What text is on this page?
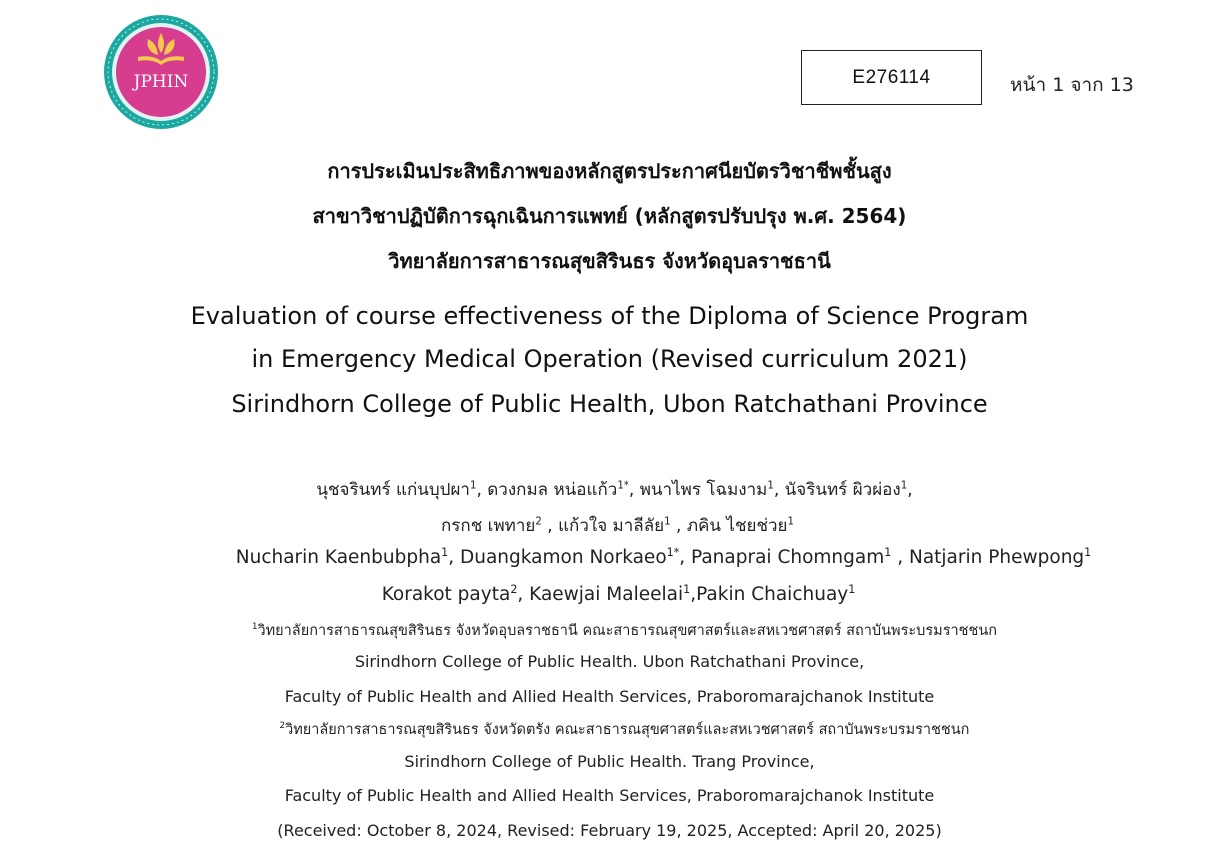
JPHIN	E276114	หน้า 1 จาก 13
การประเมินประสิทธิภาพของหลักสูตรประกาศนียบัตรวิชาชีพชั้นสูง
สาขาวิชาปฏิบัติการฉุกเฉินการแพทย์ (หลักสูตรปรับปรุง พ.ศ. 2564)
วิทยาลัยการสาธารณสุขสิรินธร จังหวัดอุบลราชธานี
Evaluation of course effectiveness of the Diploma of Science Program
in Emergency Medical Operation (Revised curriculum 2021)
Sirindhorn College of Public Health, Ubon Ratchathani Province
นุชจรินทร์ แก่นบุปผา$^1$, ดวงกมล หน่อแก้ว$^{1*}$, พนาไพร โฉมงาม$^1$, นัจรินทร์ ผิวผ่อง$^1$,
กรกช เพทาย$^2$ , แก้วใจ มาลีลัย$^1$ , ภคิน ไชยช่วย$^1$
Nucharin Kaenbubpha$^1$, Duangkamon Norkaeo$^{1*}$, Panaprai Chomngam$^1$ , Natjarin Phewpong$^1$
Korakot payta$^2$, Kaewjai Maleelai$^1$,Pakin Chaichuay$^1$
$^1$วิทยาลัยการสาธารณสุขสิรินธร จังหวัดอุบลราชธานี คณะสาธารณสุขศาสตร์และสหเวชศาสตร์ สถาบันพระบรมราชชนก
Sirindhorn College of Public Health. Ubon Ratchathani Province,
Faculty of Public Health and Allied Health Services, Praboromarajchanok Institute
$^2$วิทยาลัยการสาธารณสุขสิรินธร จังหวัดตรัง คณะสาธารณสุขศาสตร์และสหเวชศาสตร์ สถาบันพระบรมราชชนก
Sirindhorn College of Public Health. Trang Province,
Faculty of Public Health and Allied Health Services, Praboromarajchanok Institute
(Received: October 8, 2024, Revised: February 19, 2025, Accepted: April 20, 2025)
